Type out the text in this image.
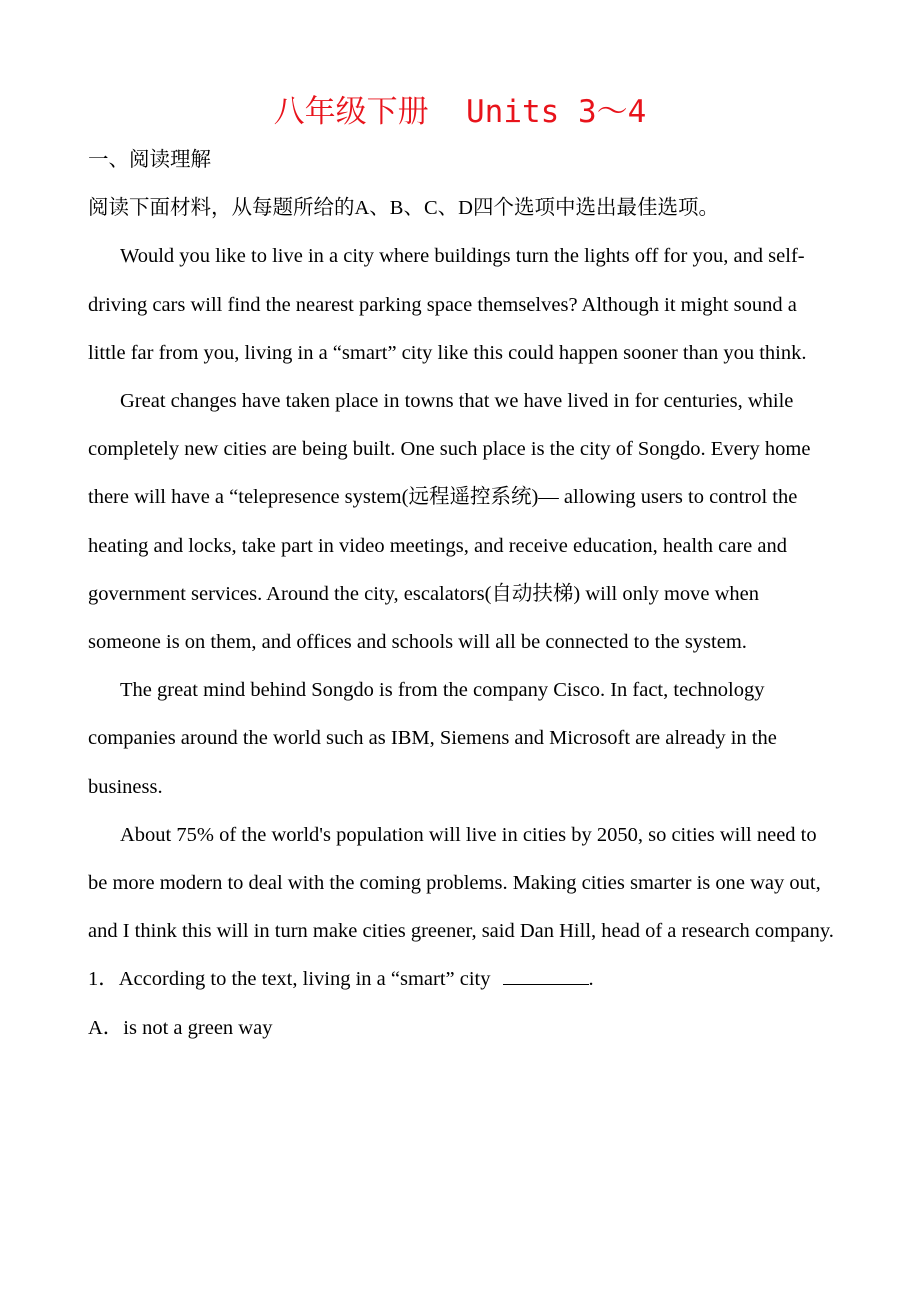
八年级下册  Units 3～4

一、阅读理解

阅读下面材料，从每题所给的A、B、C、D四个选项中选出最佳选项。

Would you like to live in a city where buildings turn the lights off for you, and self-driving cars will find the nearest parking space themselves? Although it might sound a little far from you, living in a “smart” city like this could happen sooner than you think.

Great changes have taken place in towns that we have lived in for centuries, while completely new cities are being built. One such place is the city of Songdo. Every home there will have a “telepresence system(远程遥控系统)— allowing users to control the heating and locks, take part in video meetings, and receive education, health care and government services. Around the city, escalators(自动扶梯) will only move when someone is on them, and offices and schools will all be connected to the system.

The great mind behind Songdo is from the company Cisco. In fact, technology companies around the world such as IBM, Siemens and Microsoft are already in the business.

About 75% of the world's population will live in cities by 2050, so cities will need to be more modern to deal with the coming problems. Making cities smarter is one way out, and I think this will in turn make cities greener, said Dan Hill, head of a research company.

1．According to the text, living in a “smart” city	.

A．is not a green way
